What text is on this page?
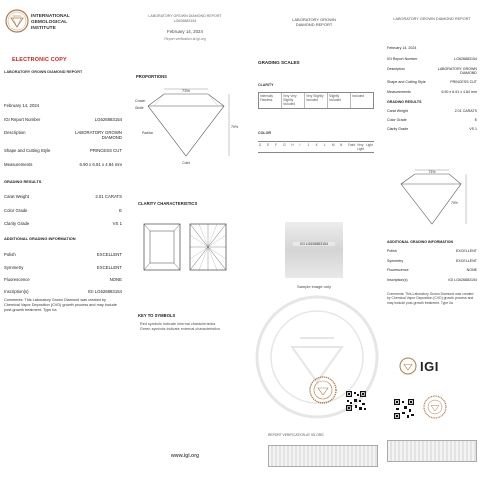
INTERNATIONAL
GEMOLOGICAL
INSTITUTE
ELECTRONIC COPY
LABORATORY GROWN DIAMOND REPORT
February 14, 2024
IGI Report Number	LG626883154
Description	LABORATORY GROWN DIAMOND
Shape and Cutting Style	PRINCESS CUT
Measurements	6.90 x 6.91 x 4.84 mm
GRADING RESULTS
Carat Weight	2.01 CARATS
Color Grade	E
Clarity Grade	VS 1
ADDITIONAL GRADING INFORMATION
Polish	EXCELLENT
Symmetry	EXCELLENT
Fluorescence	NONE
Inscription(s)	IGI LG626883154
Comments: This Laboratory Grown Diamond was created by Chemical Vapor Deposition (CVD) growth process and may include post-growth treatment. Type IIa
LABORATORY GROWN DIAMOND REPORT
LG626883154
February 14, 2024
Report verification at igi.org
PROPORTIONS
73%
Crown
70%
Girdle
Pavilion
Culet
CLARITY CHARACTERISTICS
KEY TO SYMBOLS
Red symbols indicate internal characteristics
Green symbols indicate external characteristics
www.igi.org
LABORATORY GROWN
DIAMOND REPORT
GRADING SCALES
CLARITY
Internally Flawless
Very Very Slightly Included
Very Slightly Included
Slightly Included
Included
COLOR
D	E	F	G	H	I	J	K	L	M	N	Faint Very Light
Light
IGI LG626883154
Sample image only
REPORT VERIFICATION AT IGI.ORG
LABORATORY GROWN DIAMOND REPORT
February 14, 2024
IGI Report Number	LG626883154
Description	LABORATORY GROWN DIAMOND
Shape and Cutting Style	PRINCESS CUT
Measurements	6.90 x 6.91 x 4.84 mm
GRADING RESULTS
Carat Weight	2.01 CARATS
Color Grade	E
Clarity Grade	VS 1
73%
70%
ADDITIONAL GRADING INFORMATION
Polish	EXCELLENT
Symmetry	EXCELLENT
Fluorescence	NONE
Inscription(s)	IGI LG626883154
Comments: This Laboratory Grown Diamond was created by Chemical Vapor Deposition (CVD) growth process and may include post-growth treatment. Type IIa
IGI
